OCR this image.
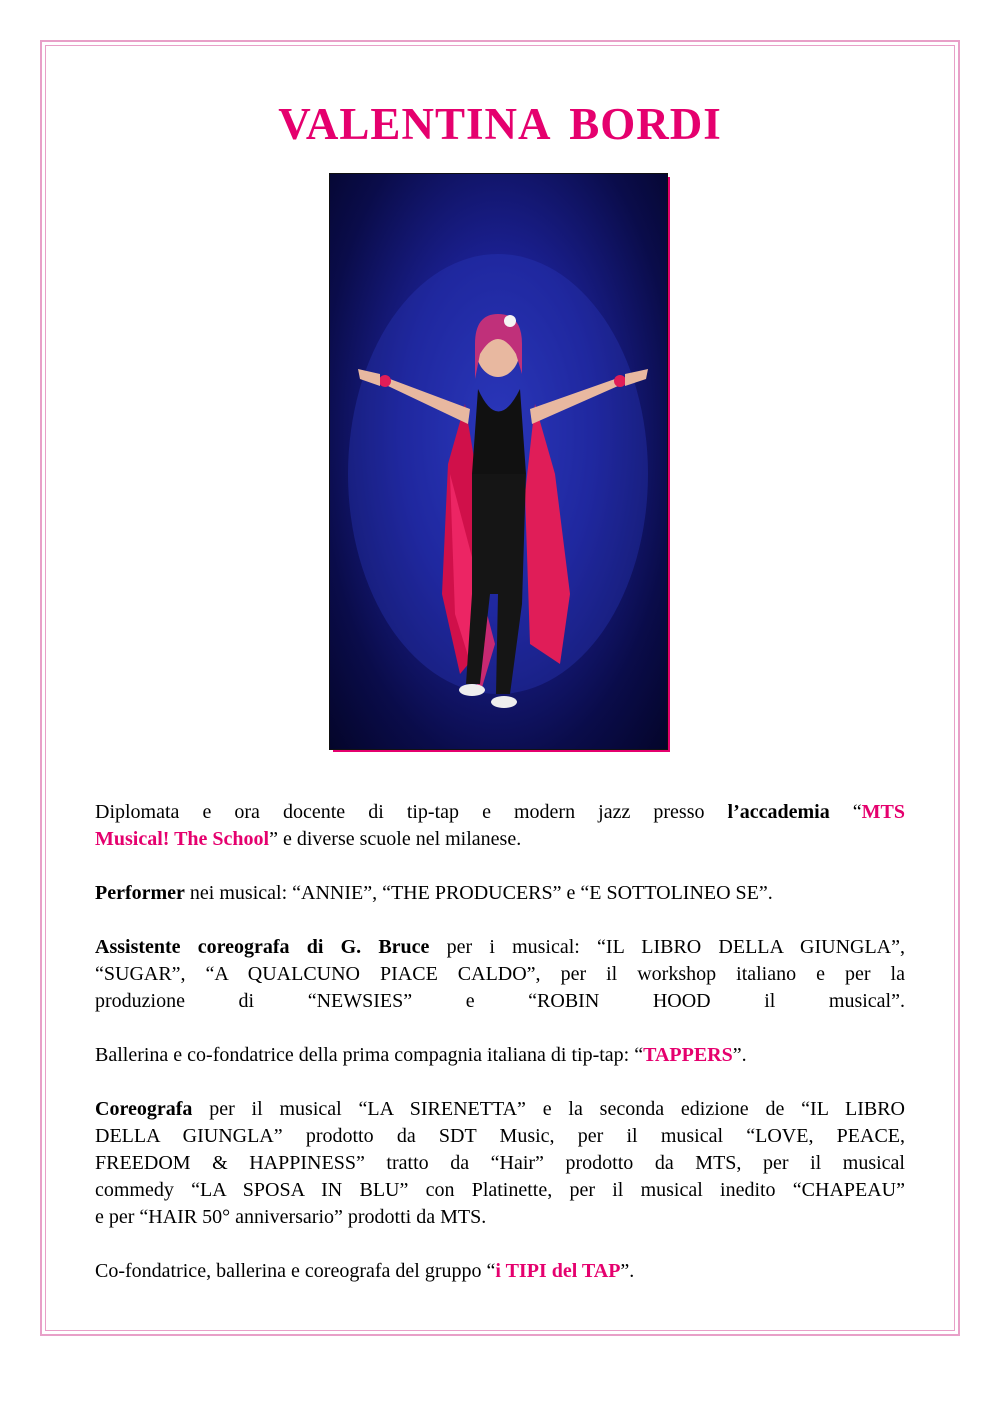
VALENTINA BORDI
Diplomata e ora docente di tip-tap e modern jazz presso l’accademia “MTS
Musical! The School” e diverse scuole nel milanese.
Performer nei musical: “ANNIE”, “THE PRODUCERS” e “E SOTTOLINEO SE”.
Assistente coreografa di G. Bruce per i musical: “IL LIBRO DELLA GIUNGLA”,
“SUGAR”, “A QUALCUNO PIACE CALDO”, per il workshop italiano e per la
produzione di “NEWSIES” e “ROBIN HOOD il musical”.
Ballerina e co-fondatrice della prima compagnia italiana di tip-tap: “TAPPERS”.
Coreografa per il musical “LA SIRENETTA” e la seconda edizione de “IL LIBRO
DELLA GIUNGLA” prodotto da SDT Music, per il musical “LOVE, PEACE,
FREEDOM & HAPPINESS” tratto da “Hair” prodotto da MTS, per il musical
commedy “LA SPOSA IN BLU” con Platinette, per il musical inedito “CHAPEAU”
e per “HAIR 50° anniversario” prodotti da MTS.
Co-fondatrice, ballerina e coreografa del gruppo “i TIPI del TAP”.
